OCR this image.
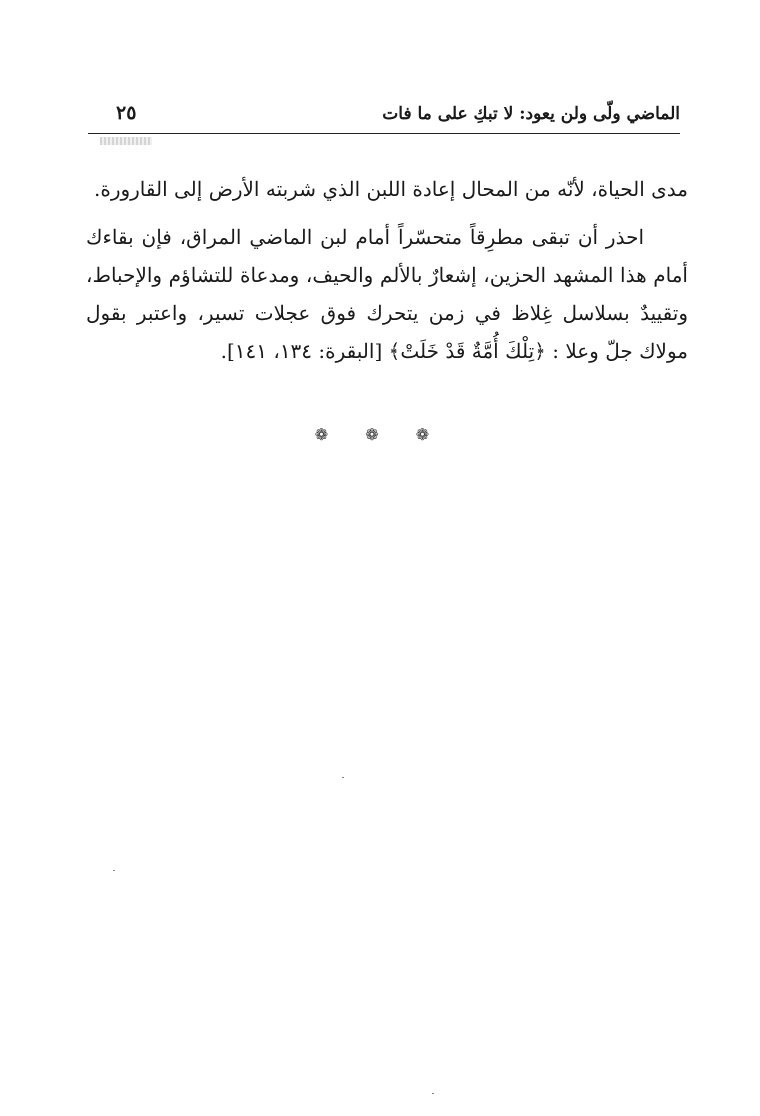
الماضي ولّى ولن يعود: لا تبكِ على ما فات
٢٥

مدى الحياة، لأنّه من المحال إعادة اللبن الذي شربته الأرض إلى القارورة.

احذر أن تبقى مطرِقاً متحسّراً أمام لبن الماضي المراق، فإن بقاءك أمام هذا المشهد الحزين، إشعارٌ بالألم والحيف، ومدعاة للتشاؤم والإحباط، وتقييدٌ بسلاسل غِلاظ في زمن يتحرك فوق عجلات تسير، واعتبر بقول مولاك جلّ وعلا : ﴿تِلْكَ أُمَّةٌ قَدْ خَلَتْ﴾ [البقرة: ١٣٤، ١٤١].

❁ ❁ ❁
